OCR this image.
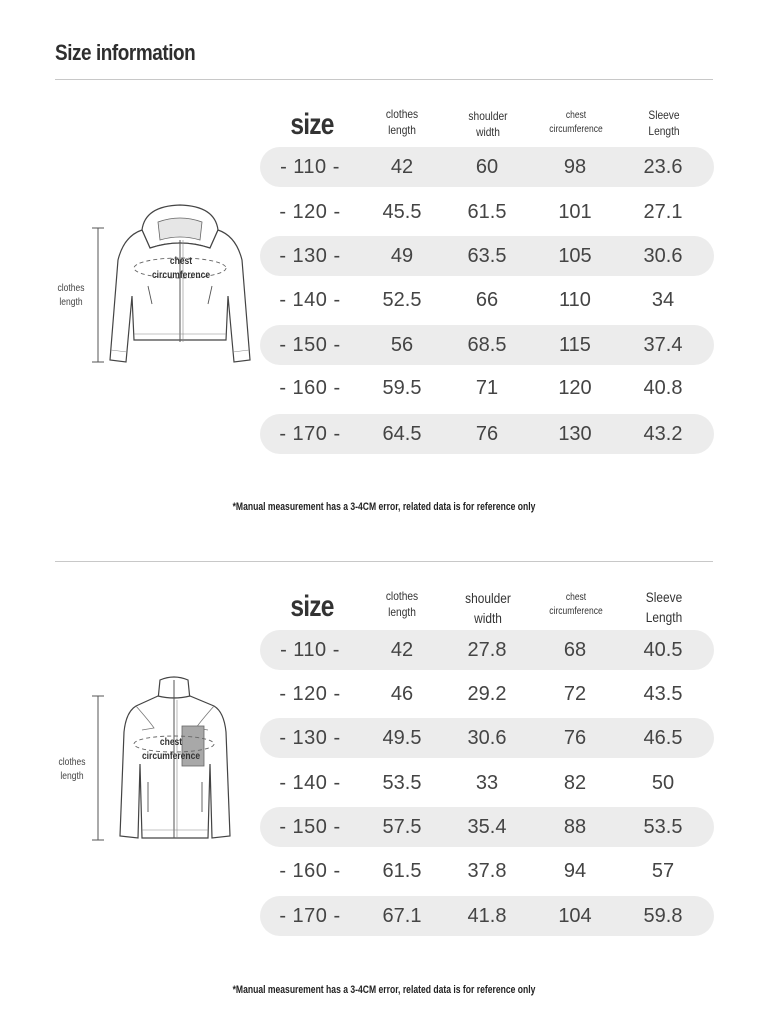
Size information
clothes
length
chest
circumference
size	clothes
length
shoulder
width
chest
circumference
Sleeve
Length
- 110 -	42	60	98	23.6
- 120 -	45.5	61.5	101	27.1
- 130 -	49	63.5	105	30.6
- 140 -	52.5	66	110	34
- 150 -	56	68.5	115	37.4
- 160 -	59.5	71	120	40.8
- 170 -	64.5	76	130	43.2
*Manual measurement has a 3-4CM error, related data is for reference only
clothes
length
chest
circumference
size	clothes
length
shoulder
width
chest
circumference
Sleeve
Length
- 110 -	42	27.8	68	40.5
- 120 -	46	29.2	72	43.5
- 130 -	49.5	30.6	76	46.5
- 140 -	53.5	33	82	50
- 150 -	57.5	35.4	88	53.5
- 160 -	61.5	37.8	94	57
- 170 -	67.1	41.8	104	59.8
*Manual measurement has a 3-4CM error, related data is for reference only
